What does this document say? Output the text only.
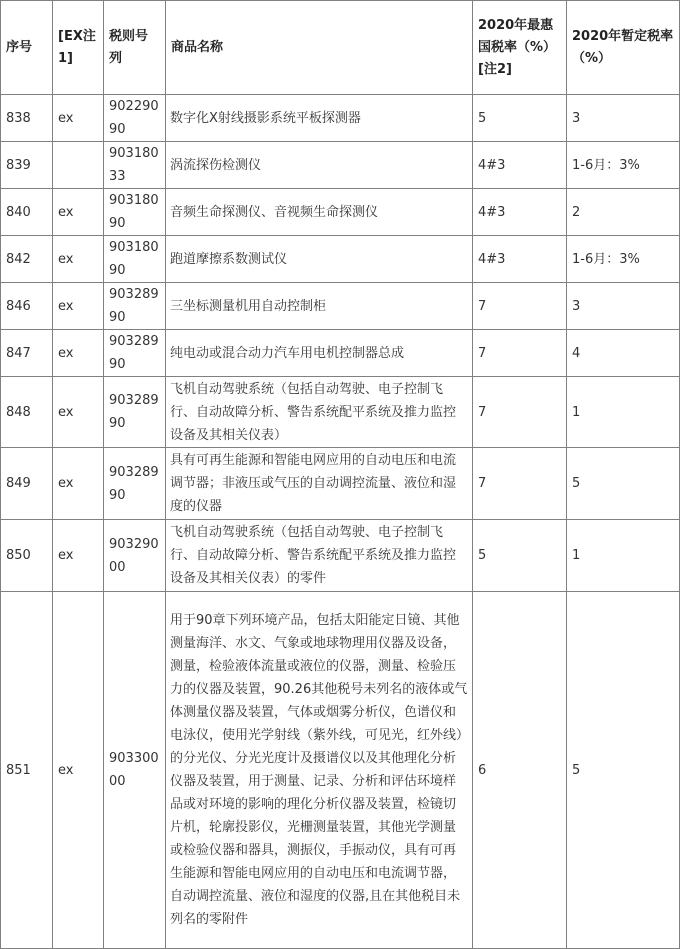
序号	[EX注1]	税则号列	商品名称	2020年最惠国税率（%）[注2]	2020年暂定税率（%）
838	ex	90229090	数字化X射线摄影系统平板探测器	5	3
839		90318033	涡流探伤检测仪	4#3	1-6月：3%
840	ex	90318090	音频生命探测仪、音视频生命探测仪	4#3	2
842	ex	90318090	跑道摩擦系数测试仪	4#3	1-6月：3%
846	ex	90328990	三坐标测量机用自动控制柜	7	3
847	ex	90328990	纯电动或混合动力汽车用电机控制器总成	7	4
848	ex	90328990	飞机自动驾驶系统（包括自动驾驶、电子控制飞行、自动故障分析、警告系统配平系统及推力监控设备及其相关仪表）	7	1
849	ex	90328990	具有可再生能源和智能电网应用的自动电压和电流调节器；非液压或气压的自动调控流量、液位和湿度的仪器	7	5
850	ex	90329000	飞机自动驾驶系统（包括自动驾驶、电子控制飞行、自动故障分析、警告系统配平系统及推力监控设备及其相关仪表）的零件	5	1
851	ex	90330000	用于90章下列环境产品，包括太阳能定日镜、其他测量海洋、水文、气象或地球物理用仪器及设备，测量，检验液体流量或液位的仪器，测量、检验压力的仪器及装置，90.26其他税号未列名的液体或气体测量仪器及装置，气体或烟雾分析仪，色谱仪和电泳仪，使用光学射线（紫外线，可见光，红外线）的分光仪、分光光度计及摄谱仪以及其他理化分析仪器及装置，用于测量、记录、分析和评估环境样品或对环境的影响的理化分析仪器及装置，检镜切片机，轮廓投影仪，光栅测量装置，其他光学测量或检验仪器和器具，测振仪，手振动仪，具有可再生能源和智能电网应用的自动电压和电流调节器，自动调控流量、液位和湿度的仪器,且在其他税目未列名的零附件	6	5
